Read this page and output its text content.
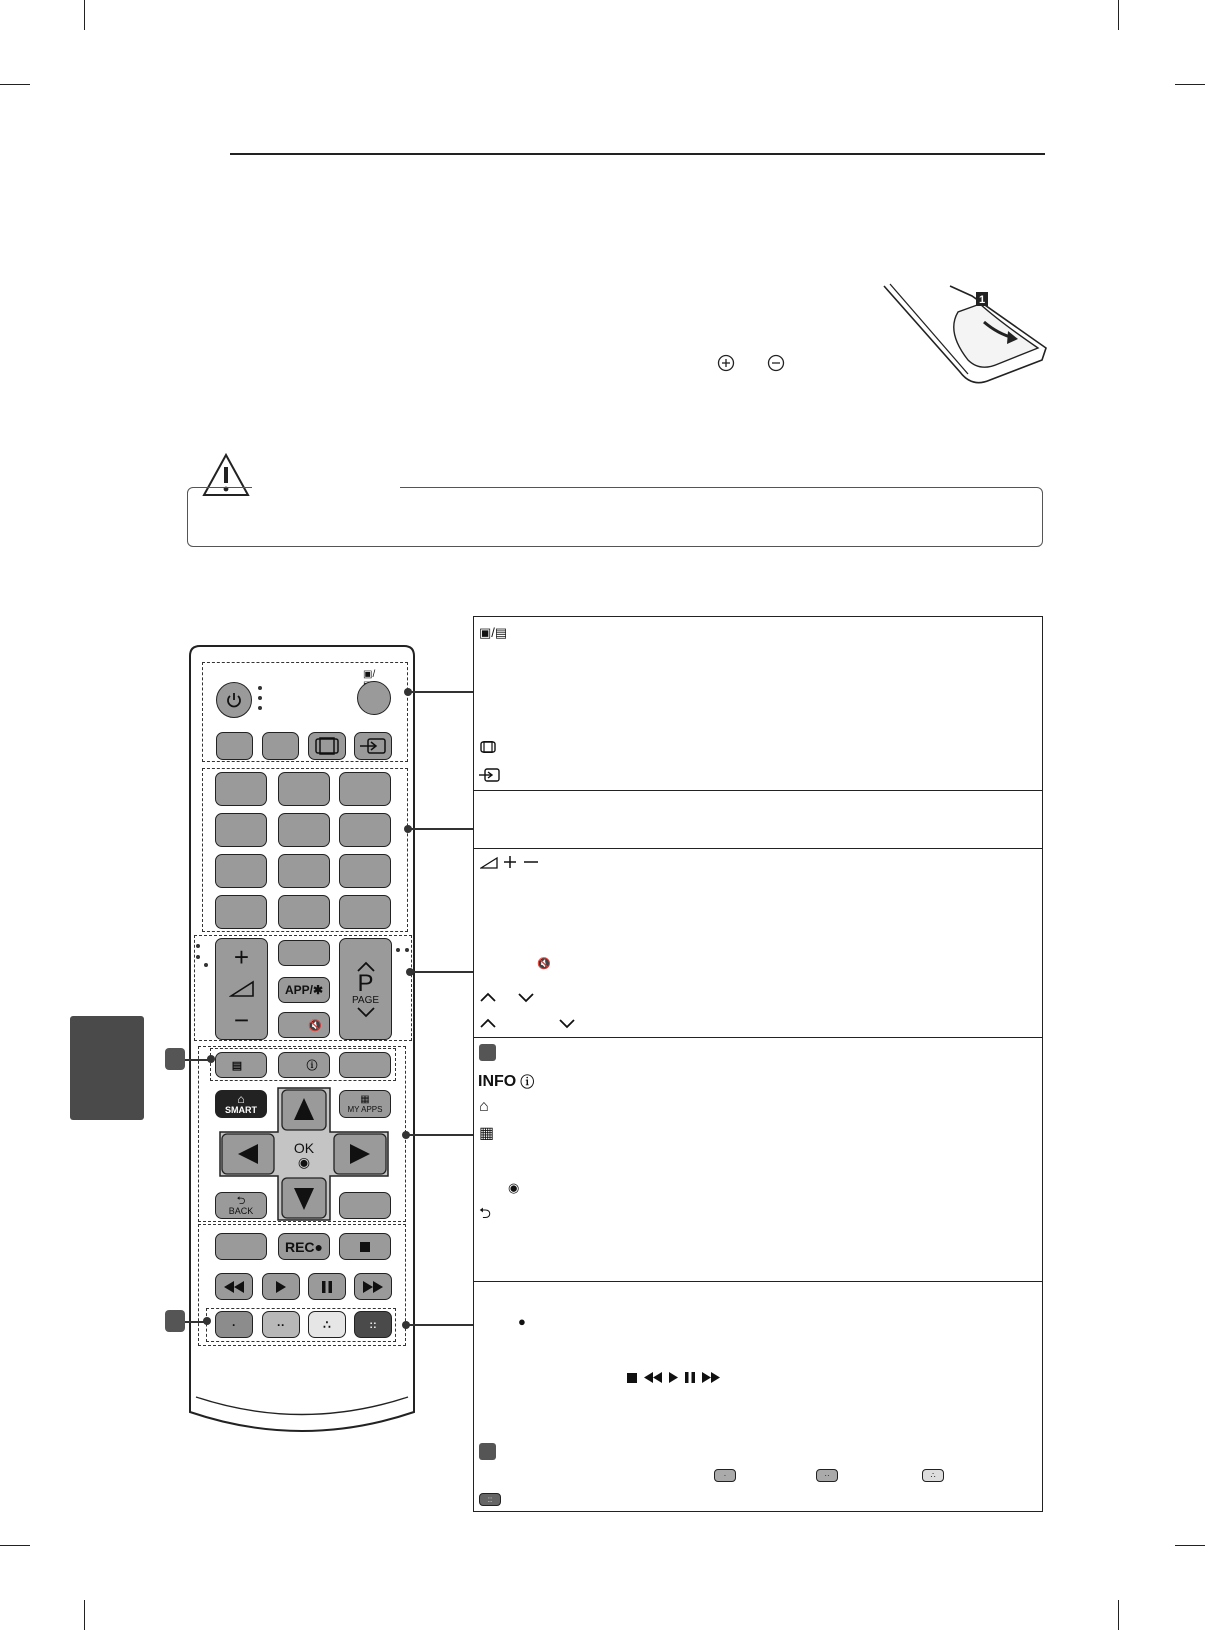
1
▣/
+
−
APP/✱
🔇
P
PAGE
▤	ⓘ
⌂
SMART
▦
MY APPS
OK
◉
⮌
BACK
REC●
·	··	∴	::
▣/▤
🔇
INFO ⓘ
⌂
▦
◉
⮌
●
·	··	∴
::
